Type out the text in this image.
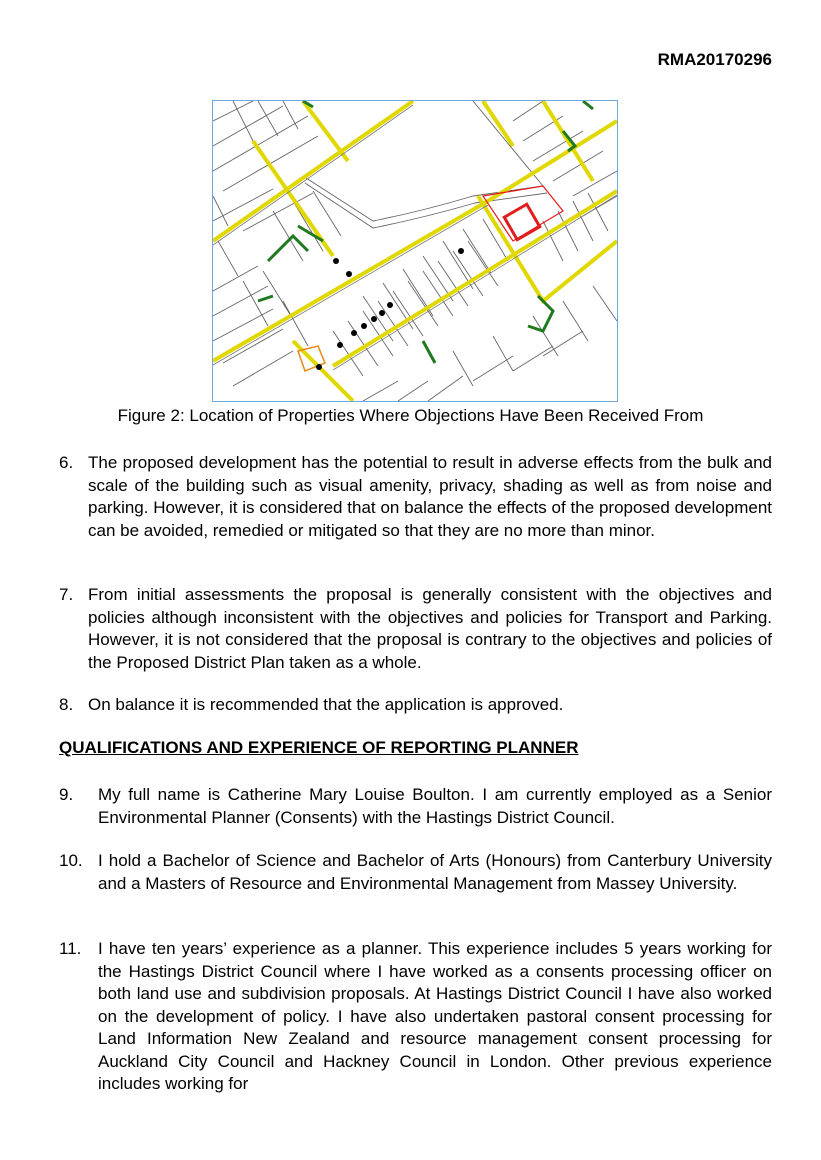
RMA20170296
Figure 2: Location of Properties Where Objections Have Been Received From
6. The proposed development has the potential to result in adverse effects from the bulk and scale of the building such as visual amenity, privacy, shading as well as from noise and parking. However, it is considered that on balance the effects of the proposed development can be avoided, remedied or mitigated so that they are no more than minor.
7. From initial assessments the proposal is generally consistent with the objectives and policies although inconsistent with the objectives and policies for Transport and Parking. However, it is not considered that the proposal is contrary to the objectives and policies of the Proposed District Plan taken as a whole.
8. On balance it is recommended that the application is approved.
QUALIFICATIONS AND EXPERIENCE OF REPORTING PLANNER
9. My full name is Catherine Mary Louise Boulton. I am currently employed as a Senior Environmental Planner (Consents) with the Hastings District Council.
10. I hold a Bachelor of Science and Bachelor of Arts (Honours) from Canterbury University and a Masters of Resource and Environmental Management from Massey University.
11. I have ten years’ experience as a planner. This experience includes 5 years working for the Hastings District Council where I have worked as a consents processing officer on both land use and subdivision proposals. At Hastings District Council I have also worked on the development of policy. I have also undertaken pastoral consent processing for Land Information New Zealand and resource management consent processing for Auckland City Council and Hackney Council in London. Other previous experience includes working for
